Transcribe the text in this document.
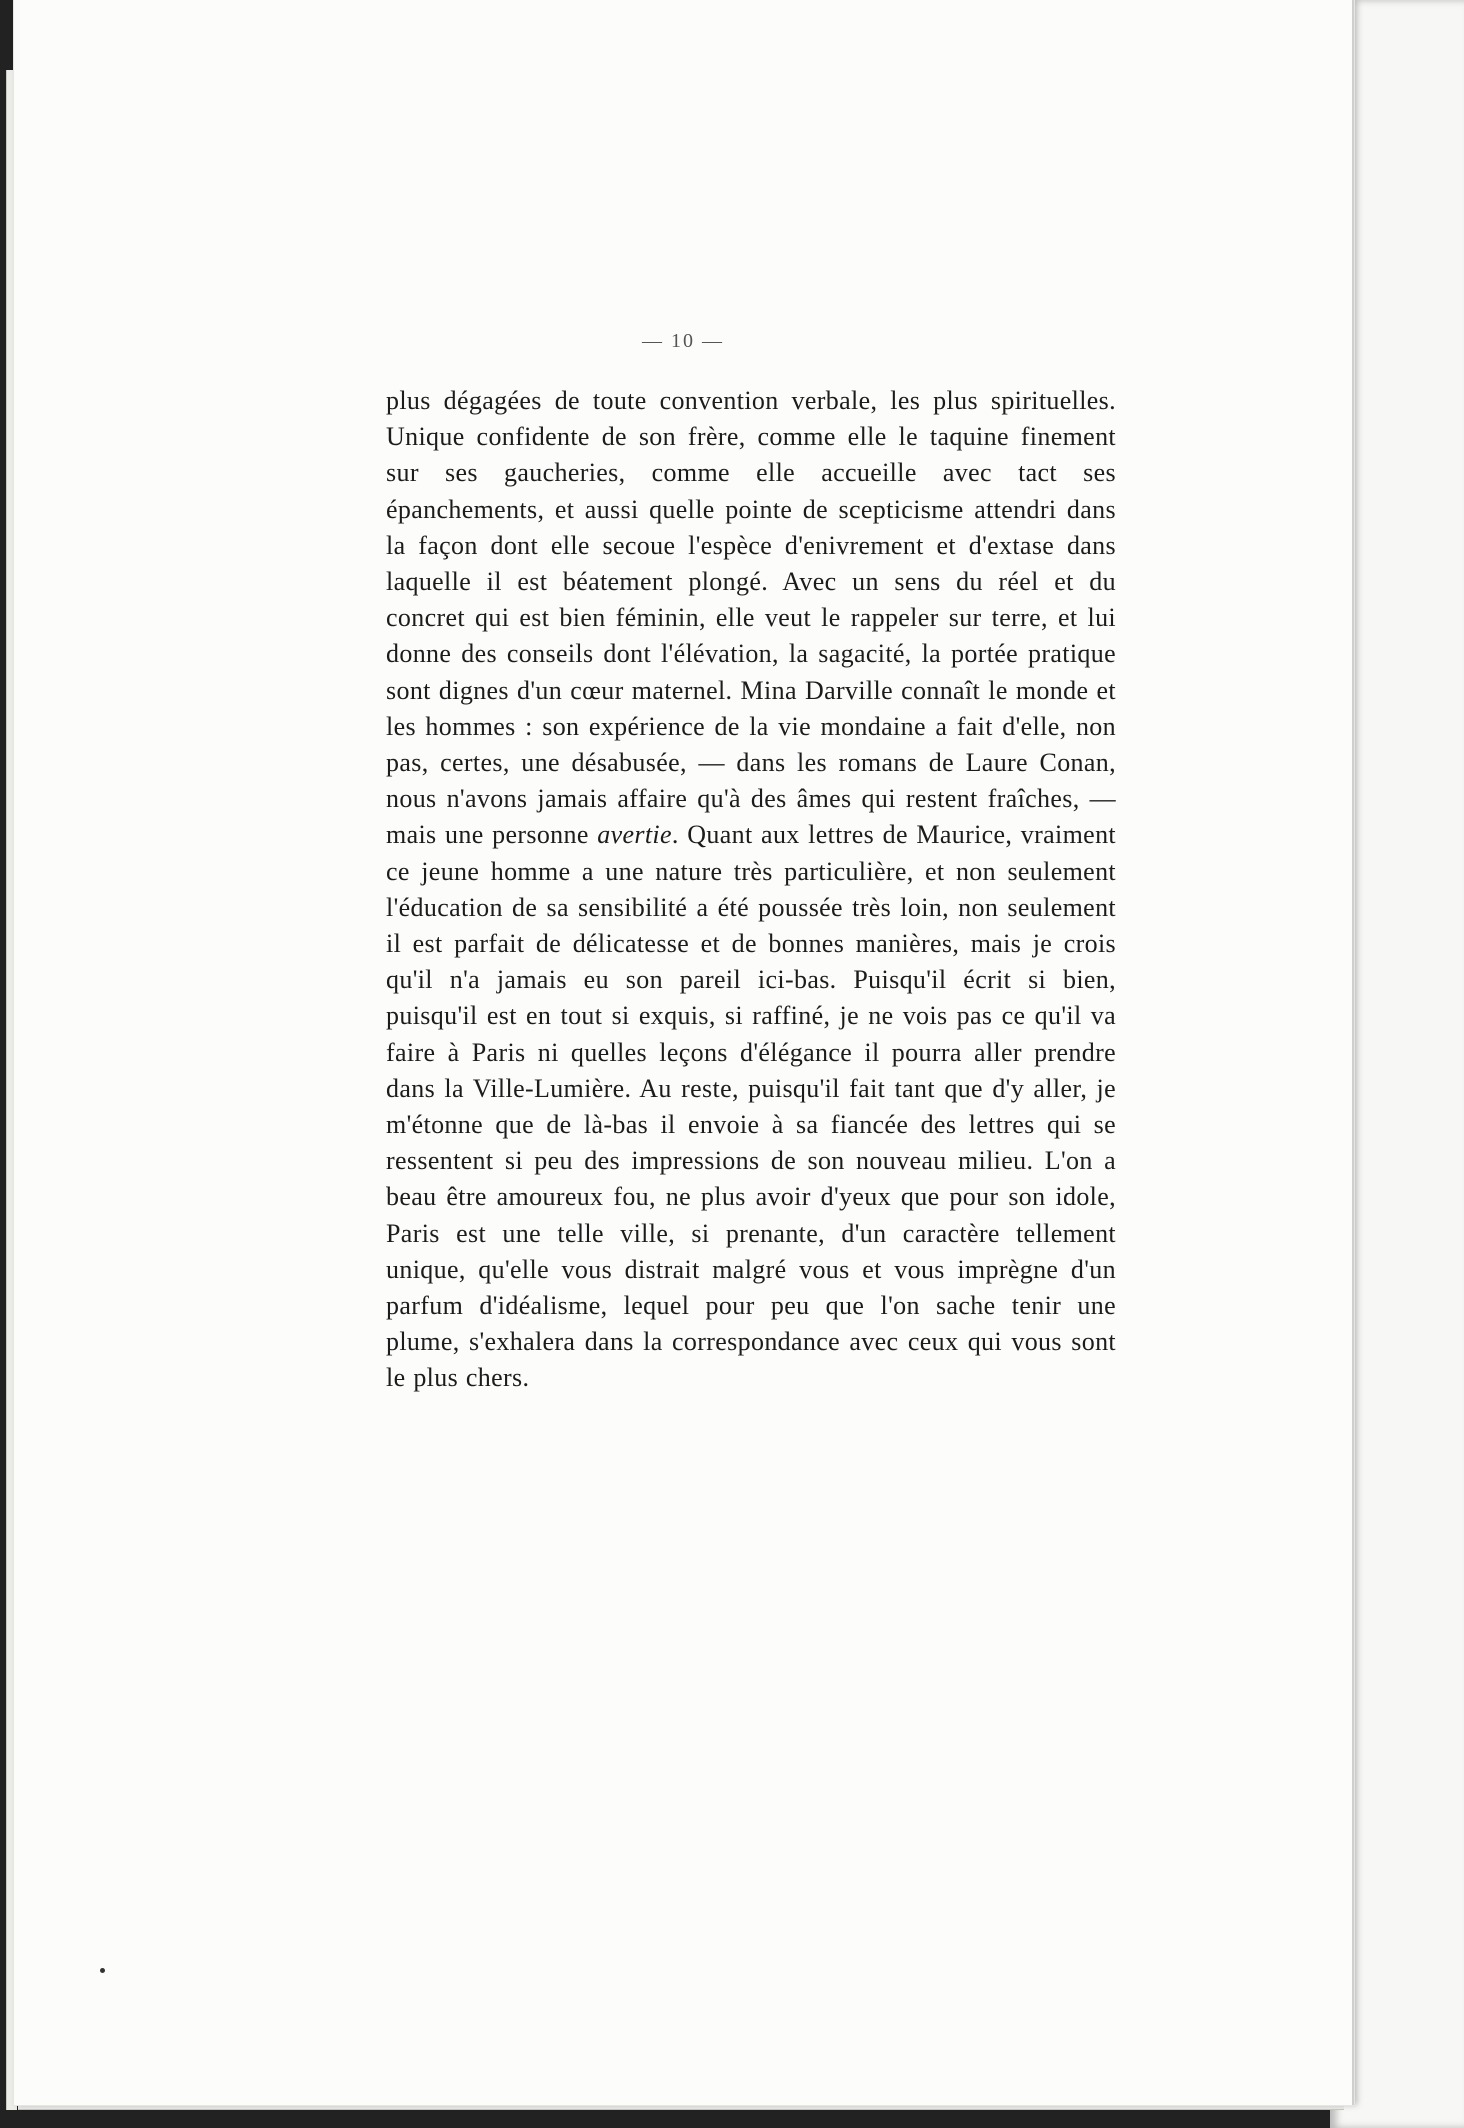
— 10 —

plus dégagées de toute convention verbale, les plus spirituelles. Unique confidente de son frère, comme elle le taquine finement sur ses gaucheries, comme elle accueille avec tact ses épanchements, et aussi quelle pointe de scepticisme attendri dans la façon dont elle secoue l'espèce d'enivrement et d'extase dans laquelle il est béatement plongé. Avec un sens du réel et du concret qui est bien féminin, elle veut le rappeler sur terre, et lui donne des conseils dont l'élévation, la sagacité, la portée pratique sont dignes d'un cœur maternel. Mina Darville connaît le monde et les hommes : son expérience de la vie mondaine a fait d'elle, non pas, certes, une désabusée, — dans les romans de Laure Conan, nous n'avons jamais affaire qu'à des âmes qui restent fraîches, — mais une personne avertie. Quant aux lettres de Maurice, vraiment ce jeune homme a une nature très particulière, et non seulement l'éducation de sa sensibilité a été poussée très loin, non seulement il est parfait de délicatesse et de bonnes manières, mais je crois qu'il n'a jamais eu son pareil ici-bas. Puisqu'il écrit si bien, puisqu'il est en tout si exquis, si raffiné, je ne vois pas ce qu'il va faire à Paris ni quelles leçons d'élégance il pourra aller prendre dans la Ville-Lumière. Au reste, puisqu'il fait tant que d'y aller, je m'étonne que de là-bas il envoie à sa fiancée des lettres qui se ressentent si peu des impressions de son nouveau milieu. L'on a beau être amoureux fou, ne plus avoir d'yeux que pour son idole, Paris est une telle ville, si prenante, d'un caractère tellement unique, qu'elle vous distrait malgré vous et vous imprègne d'un parfum d'idéalisme, lequel pour peu que l'on sache tenir une plume, s'exhalera dans la correspondance avec ceux qui vous sont le plus chers.
